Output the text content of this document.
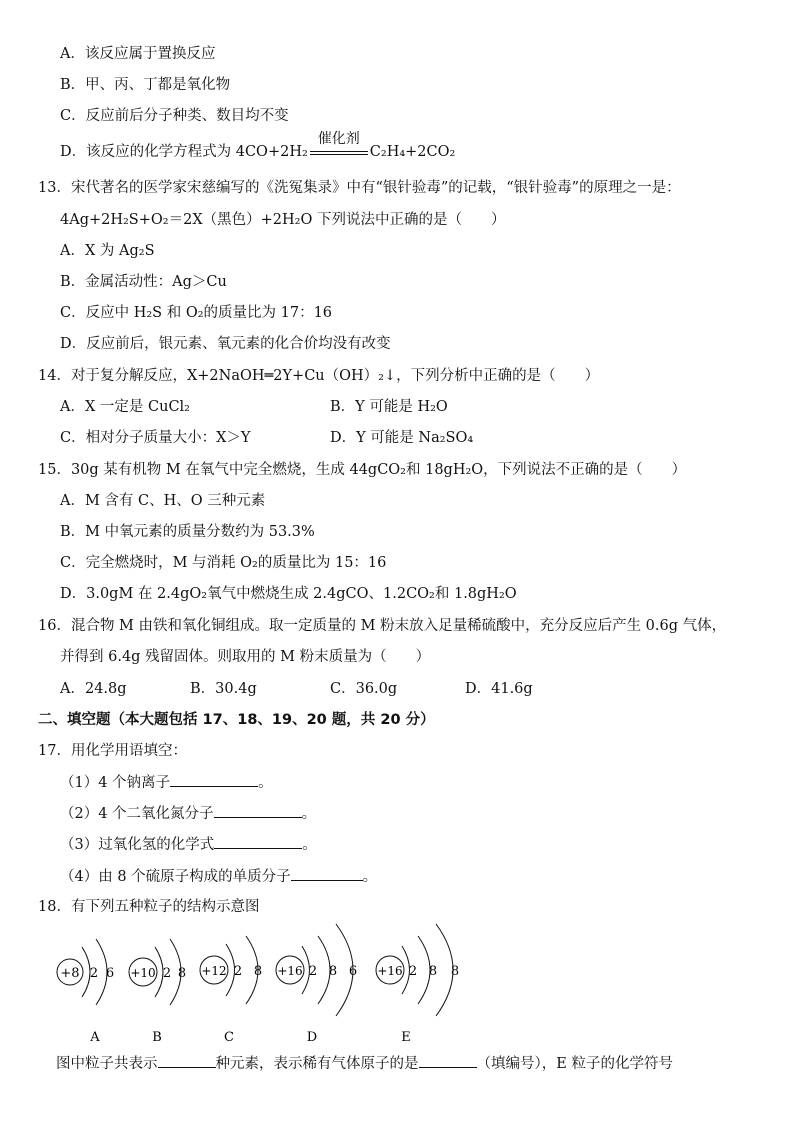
A．该反应属于置换反应
B．甲、丙、丁都是氧化物
C．反应前后分子种类、数目均不变
D．该反应的化学方程式为 4CO+2H₂
催化剂
C₂H₄+2CO₂
13．宋代著名的医学家宋慈编写的《洗冤集录》中有“银针验毒”的记载，“银针验毒”的原理之一是：
4Ag+2H₂S+O₂＝2X（黑色）+2H₂O 下列说法中正确的是（　　）
A．X 为 Ag₂S
B．金属活动性：Ag＞Cu
C．反应中 H₂S 和 O₂的质量比为 17：16
D．反应前后，银元素、氧元素的化合价均没有改变
14．对于复分解反应，X+2NaOH═2Y+Cu（OH）₂↓，下列分析中正确的是（　　）
A．X 一定是 CuCl₂	B．Y 可能是 H₂O
C．相对分子质量大小：X＞Y	D．Y 可能是 Na₂SO₄
15．30g 某有机物 M 在氧气中完全燃烧，生成 44gCO₂和 18gH₂O，下列说法不正确的是（　　）
A．M 含有 C、H、O 三种元素
B．M 中氧元素的质量分数约为 53.3%
C．完全燃烧时，M 与消耗 O₂的质量比为 15：16
D．3.0gM 在 2.4gO₂氧气中燃烧生成 2.4gCO、1.2CO₂和 1.8gH₂O
16．混合物 M 由铁和氧化铜组成。取一定质量的 M 粉末放入足量稀硫酸中，充分反应后产生 0.6g 气体，
并得到 6.4g 残留固体。则取用的 M 粉末质量为（　　）
A．24.8g	B．30.4g	C．36.0g	D．41.6g
二、填空题（本大题包括 17、18、19、20 题，共 20 分）
17．用化学用语填空：
（1）4 个钠离子	。
（2）4 个二氧化氮分子	。
（3）过氧化氢的化学式	。
（4）由 8 个硫原子构成的单质分子	。
18．有下列五种粒子的结构示意图
+8 2 6
A
+10 2 8
B
+12 2 8
C
+16 2 8 6
D
+16 2 8 8
E
图中粒子共表示	种元素，表示稀有气体原子的是	（填编号），E 粒子的化学符号
